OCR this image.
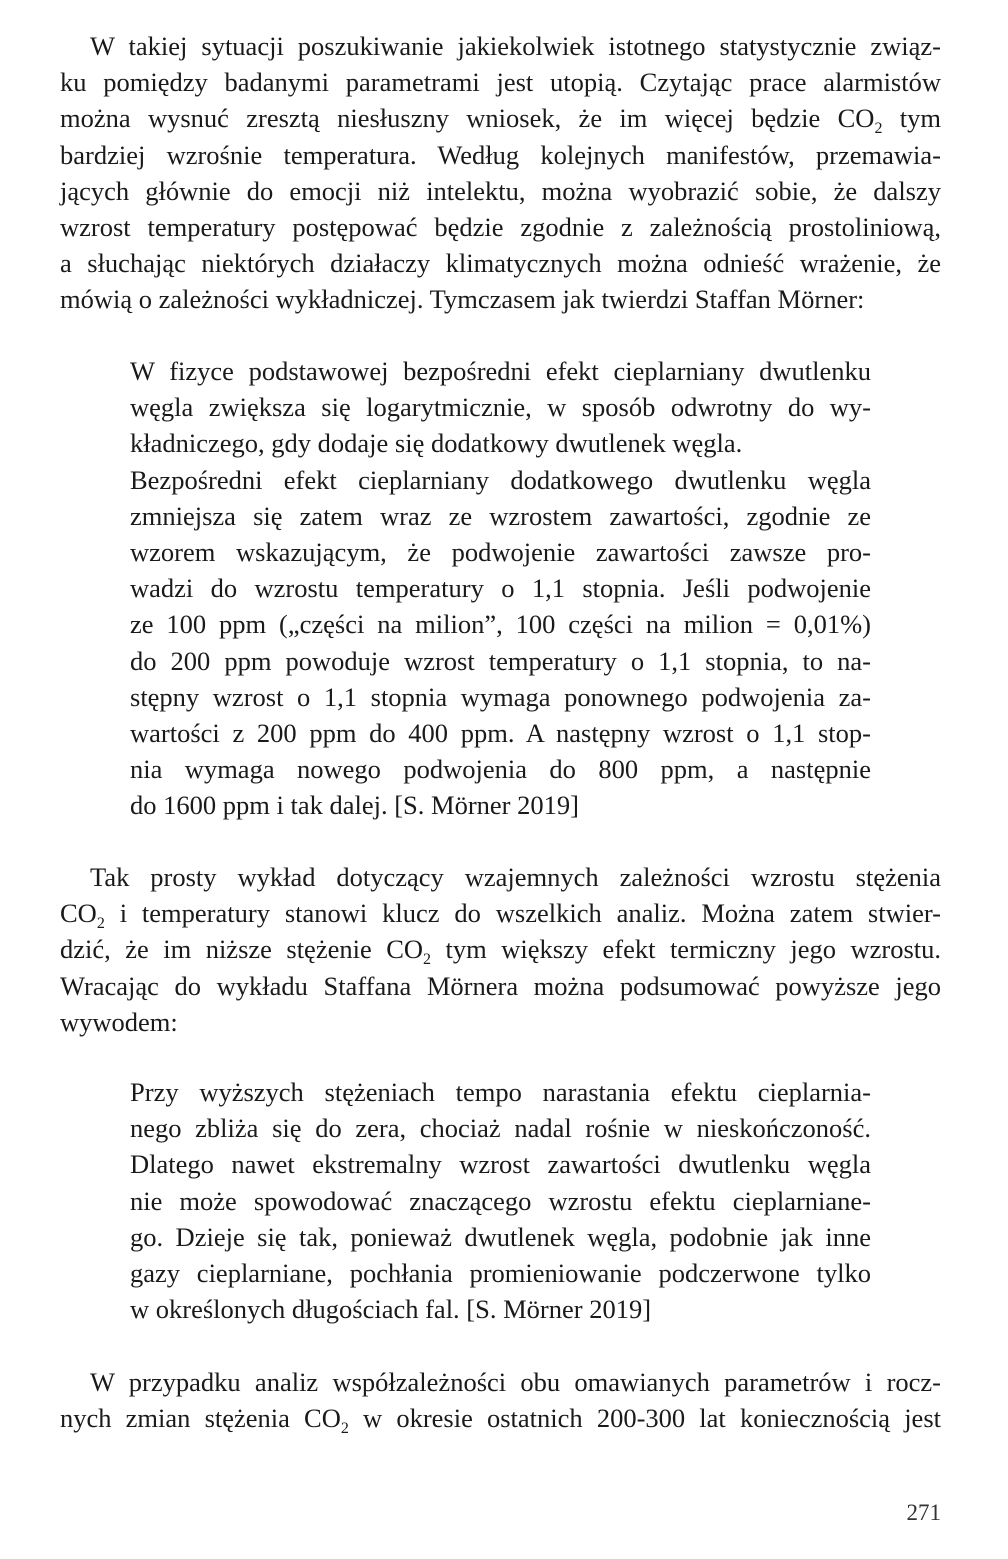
W takiej sytuacji poszukiwanie jakiekolwiek istotnego statystycznie związ-
ku pomiędzy badanymi parametrami jest utopią. Czytając prace alarmistów
można wysnuć zresztą niesłuszny wniosek, że im więcej będzie $CO_2$ tym
bardziej wzrośnie temperatura. Według kolejnych manifestów, przemawia-
jących głównie do emocji niż intelektu, można wyobrazić sobie, że dalszy
wzrost temperatury postępować będzie zgodnie z zależnością prostoliniową,
a słuchając niektórych działaczy klimatycznych można odnieść wrażenie, że
mówią o zależności wykładniczej. Tymczasem jak twierdzi Staffan Mörner:
W fizyce podstawowej bezpośredni efekt cieplarniany dwutlenku
węgla zwiększa się logarytmicznie, w sposób odwrotny do wy-
kładniczego, gdy dodaje się dodatkowy dwutlenek węgla.
Bezpośredni efekt cieplarniany dodatkowego dwutlenku węgla
zmniejsza się zatem wraz ze wzrostem zawartości, zgodnie ze
wzorem wskazującym, że podwojenie zawartości zawsze pro-
wadzi do wzrostu temperatury o 1,1 stopnia. Jeśli podwojenie
ze 100 ppm („części na milion”, 100 części na milion = 0,01%)
do 200 ppm powoduje wzrost temperatury o 1,1 stopnia, to na-
stępny wzrost o 1,1 stopnia wymaga ponownego podwojenia za-
wartości z 200 ppm do 400 ppm. A następny wzrost o 1,1 stop-
nia wymaga nowego podwojenia do 800 ppm, a następnie
do 1600 ppm i tak dalej. [S. Mörner 2019]
Tak prosty wykład dotyczący wzajemnych zależności wzrostu stężenia
$CO_2$ i temperatury stanowi klucz do wszelkich analiz. Można zatem stwier-
dzić, że im niższe stężenie $CO_2$ tym większy efekt termiczny jego wzrostu.
Wracając do wykładu Staffana Mörnera można podsumować powyższe jego
wywodem:
Przy wyższych stężeniach tempo narastania efektu cieplarnia-
nego zbliża się do zera, chociaż nadal rośnie w nieskończoność.
Dlatego nawet ekstremalny wzrost zawartości dwutlenku węgla
nie może spowodować znaczącego wzrostu efektu cieplarniane-
go. Dzieje się tak, ponieważ dwutlenek węgla, podobnie jak inne
gazy cieplarniane, pochłania promieniowanie podczerwone tylko
w określonych długościach fal. [S. Mörner 2019]
W przypadku analiz współzależności obu omawianych parametrów i rocz-
nych zmian stężenia $CO_2$ w okresie ostatnich 200-300 lat koniecznością jest
271
